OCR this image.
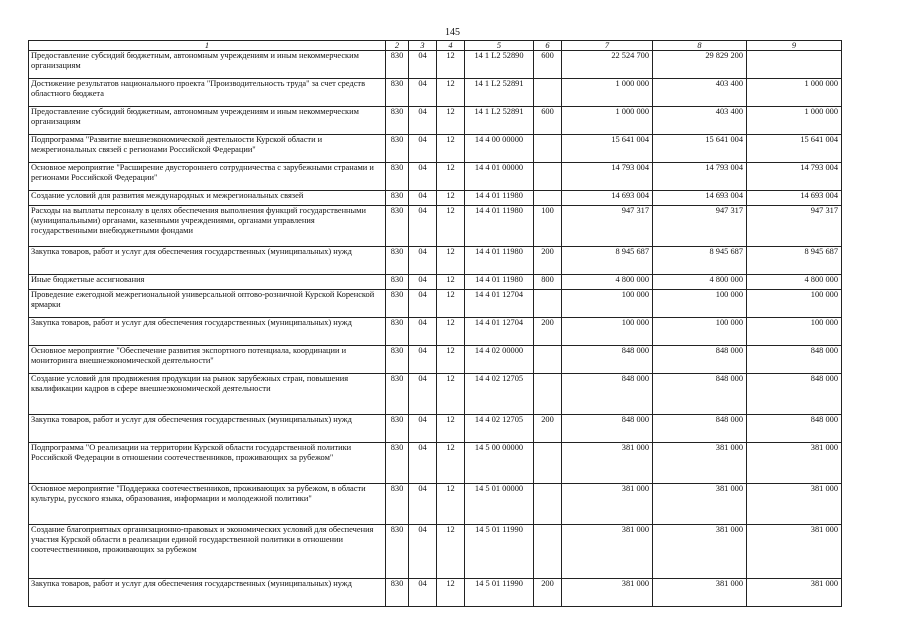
145
1	2	3	4	5	6	7	8	9
Предоставление субсидий бюджетным, автономным учреждениям и иным некоммерческим организациям	830	04	12	14 1 L2 52890	600	22 524 700	29 829 200	
Достижение результатов национального проекта "Производительность труда" за счет средств областного бюджета	830	04	12	14 1 L2 52891		1 000 000	403 400	1 000 000
Предоставление субсидий бюджетным, автономным учреждениям и иным некоммерческим организациям	830	04	12	14 1 L2 52891	600	1 000 000	403 400	1 000 000
Подпрограмма "Развитие внешнеэкономической деятельности Курской области и межрегиональных связей с регионами Российской Федерации"	830	04	12	14 4 00 00000		15 641 004	15 641 004	15 641 004
Основное мероприятие "Расширение двустороннего сотрудничества с зарубежными странами и регионами Российской Федерации"	830	04	12	14 4 01 00000		14 793 004	14 793 004	14 793 004
Создание условий для развития международных и межрегиональных связей	830	04	12	14 4 01 11980		14 693 004	14 693 004	14 693 004
Расходы на выплаты персоналу в целях обеспечения выполнения функций государственными (муниципальными) органами, казенными учреждениями, органами управления государственными внебюджетными фондами	830	04	12	14 4 01 11980	100	947 317	947 317	947 317
Закупка товаров, работ и услуг для обеспечения государственных (муниципальных) нужд	830	04	12	14 4 01 11980	200	8 945 687	8 945 687	8 945 687
Иные бюджетные ассигнования	830	04	12	14 4 01 11980	800	4 800 000	4 800 000	4 800 000
Проведение ежегодной межрегиональной универсальной оптово-розничной Курской Коренской ярмарки	830	04	12	14 4 01 12704		100 000	100 000	100 000
Закупка товаров, работ и услуг для обеспечения государственных (муниципальных) нужд	830	04	12	14 4 01 12704	200	100 000	100 000	100 000
Основное мероприятие "Обеспечение развития экспортного потенциала, координации и мониторинга внешнеэкономической деятельности"	830	04	12	14 4 02 00000		848 000	848 000	848 000
Создание условий для продвижения продукции на рынок зарубежных стран, повышения квалификации кадров в сфере внешнеэкономической деятельности	830	04	12	14 4 02 12705		848 000	848 000	848 000
Закупка товаров, работ и услуг для обеспечения государственных (муниципальных) нужд	830	04	12	14 4 02 12705	200	848 000	848 000	848 000
Подпрограмма "О реализации на территории Курской области государственной политики Российской Федерации в отношении соотечественников, проживающих за рубежом"	830	04	12	14 5 00 00000		381 000	381 000	381 000
Основное мероприятие "Поддержка соотечественников, проживающих за рубежом, в области культуры, русского языка, образования, информации и молодежной политики"	830	04	12	14 5 01 00000		381 000	381 000	381 000
Создание благоприятных организационно-правовых и экономических условий для обеспечения участия Курской области в реализации единой государственной политики в отношении соотечественников, проживающих за рубежом	830	04	12	14 5 01 11990		381 000	381 000	381 000
Закупка товаров, работ и услуг для обеспечения государственных (муниципальных) нужд	830	04	12	14 5 01 11990	200	381 000	381 000	381 000
